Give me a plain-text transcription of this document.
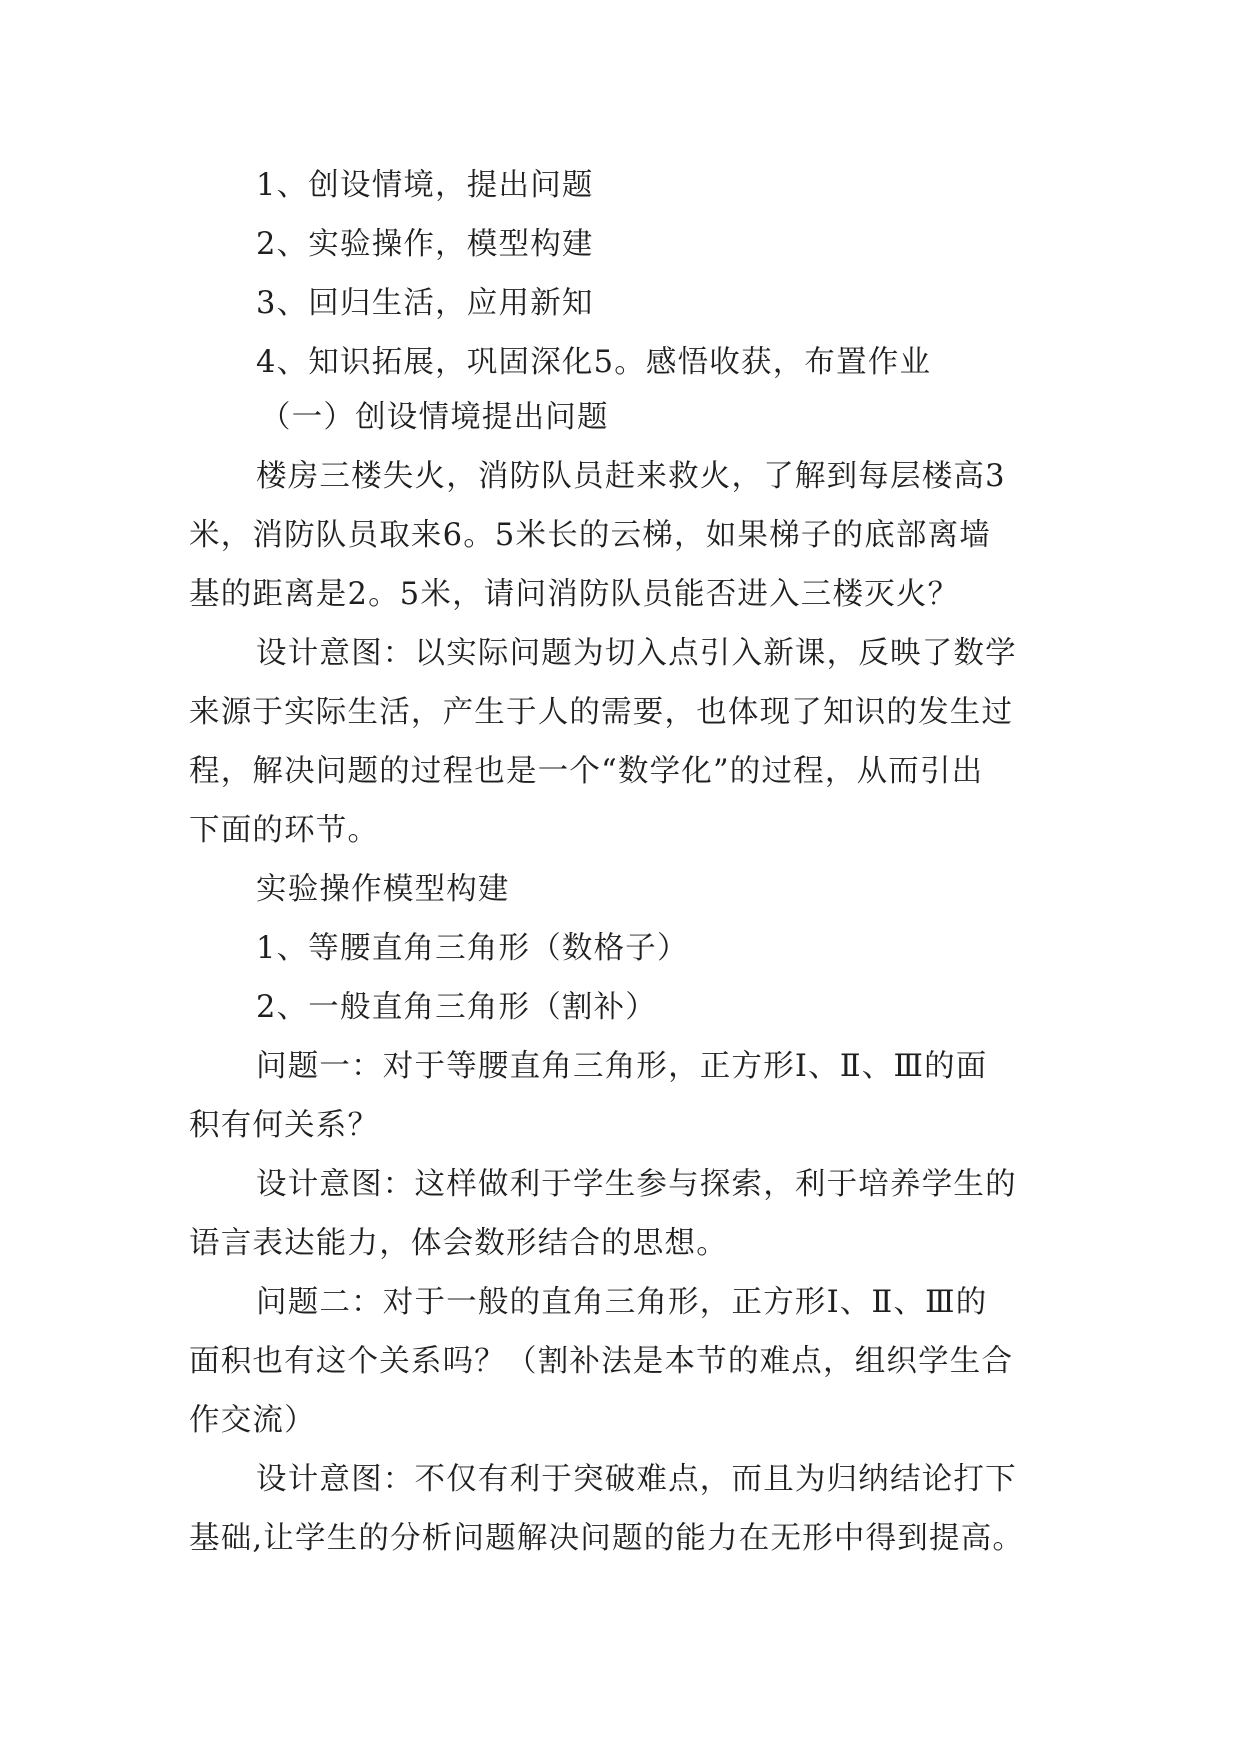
1、创设情境，提出问题
2、实验操作，模型构建
3、回归生活，应用新知
4、知识拓展，巩固深化5。感悟收获，布置作业
（一）创设情境提出问题
楼房三楼失火，消防队员赶来救火，了解到每层楼高3
米，消防队员取来6。5米长的云梯，如果梯子的底部离墙
基的距离是2。5米，请问消防队员能否进入三楼灭火？
设计意图：以实际问题为切入点引入新课，反映了数学
来源于实际生活，产生于人的需要，也体现了知识的发生过
程，解决问题的过程也是一个“数学化”的过程，从而引出
下面的环节。
实验操作模型构建
1、等腰直角三角形（数格子）
2、一般直角三角形（割补）
问题一：对于等腰直角三角形，正方形Ⅰ、Ⅱ、Ⅲ的面
积有何关系？
设计意图：这样做利于学生参与探索，利于培养学生的
语言表达能力，体会数形结合的思想。
问题二：对于一般的直角三角形，正方形Ⅰ、Ⅱ、Ⅲ的
面积也有这个关系吗？（割补法是本节的难点，组织学生合
作交流）
设计意图：不仅有利于突破难点，而且为归纳结论打下
基础,让学生的分析问题解决问题的能力在无形中得到提高。
